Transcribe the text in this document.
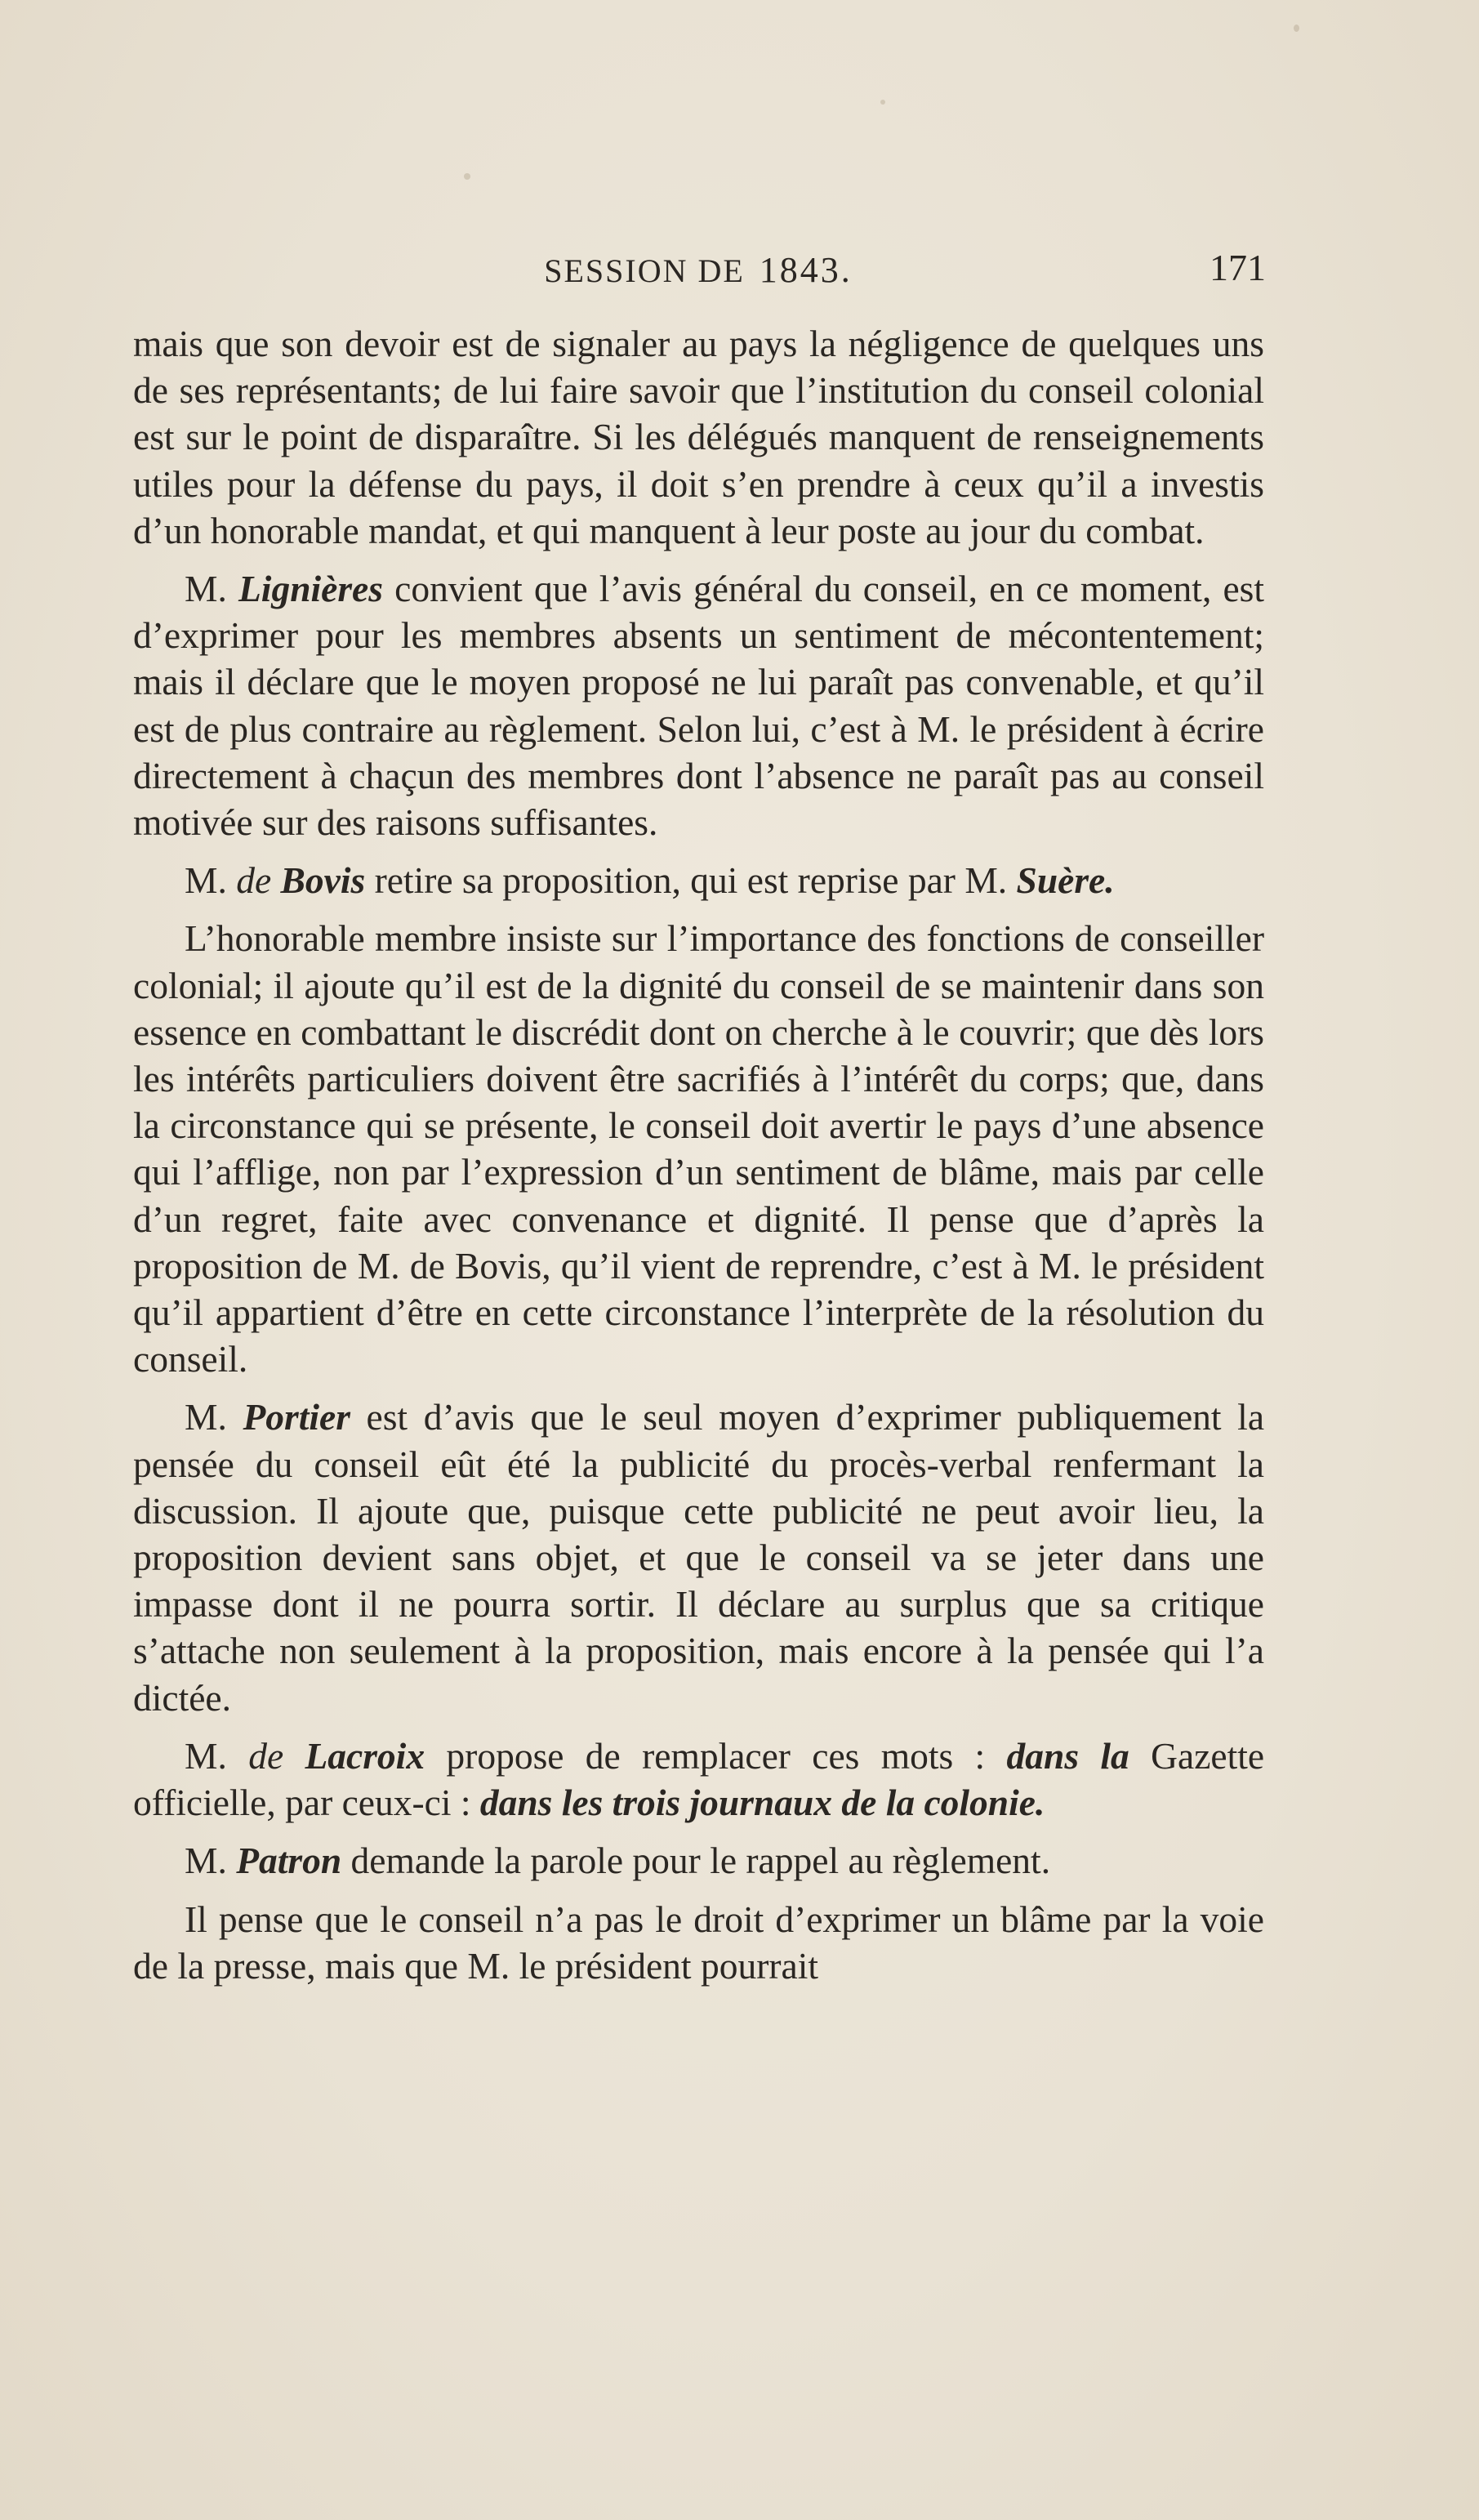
SESSION DE 1843.	171

mais que son devoir est de signaler au pays la négligence de quelques uns de ses représentants; de lui faire savoir que l’institution du conseil colonial est sur le point de disparaître. Si les délégués manquent de renseignements utiles pour la défense du pays, il doit s’en prendre à ceux qu’il a investis d’un honorable mandat, et qui manquent à leur poste au jour du combat.

M. Lignières convient que l’avis général du conseil, en ce moment, est d’exprimer pour les membres absents un sentiment de mécontentement; mais il déclare que le moyen proposé ne lui paraît pas convenable, et qu’il est de plus contraire au règlement. Selon lui, c’est à M. le président à écrire directement à chaçun des membres dont l’absence ne paraît pas au conseil motivée sur des raisons suffisantes.

M. de Bovis retire sa proposition, qui est reprise par M. Suère.

L’honorable membre insiste sur l’importance des fonctions de conseiller colonial; il ajoute qu’il est de la dignité du conseil de se maintenir dans son essence en combattant le discrédit dont on cherche à le couvrir; que dès lors les intérêts particuliers doivent être sacrifiés à l’intérêt du corps; que, dans la circonstance qui se présente, le conseil doit avertir le pays d’une absence qui l’afflige, non par l’expression d’un sentiment de blâme, mais par celle d’un regret, faite avec convenance et dignité. Il pense que d’après la proposition de M. de Bovis, qu’il vient de reprendre, c’est à M. le président qu’il appartient d’être en cette circonstance l’interprète de la résolution du conseil.

M. Portier est d’avis que le seul moyen d’exprimer publiquement la pensée du conseil eût été la publicité du procès-verbal renfermant la discussion. Il ajoute que, puisque cette publicité ne peut avoir lieu, la proposition devient sans objet, et que le conseil va se jeter dans une impasse dont il ne pourra sortir. Il déclare au surplus que sa critique s’attache non seulement à la proposition, mais encore à la pensée qui l’a dictée.

M. de Lacroix propose de remplacer ces mots : dans la Gazette officielle, par ceux-ci : dans les trois journaux de la colonie.

M. Patron demande la parole pour le rappel au règlement.

Il pense que le conseil n’a pas le droit d’exprimer un blâme par la voie de la presse, mais que M. le président pourrait
